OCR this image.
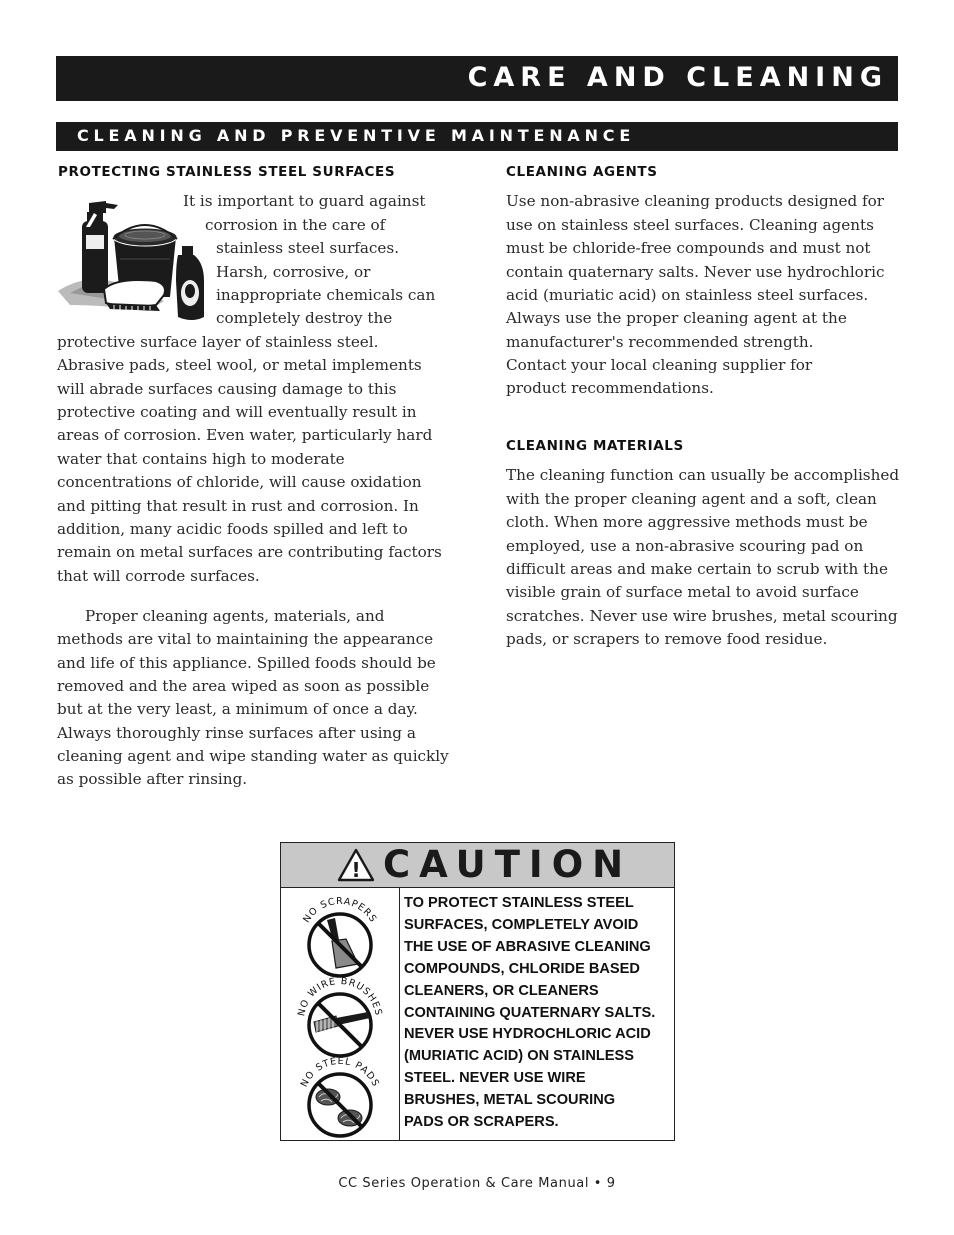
CARE AND CLEANING
CLEANING AND PREVENTIVE MAINTENANCE
PROTECTING STAINLESS STEEL SURFACES

It is important to guard against

corrosion in the care of

stainless steel surfaces.

Harsh, corrosive, or

inappropriate chemicals can

completely destroy the

protective surface layer of stainless steel.

Abrasive pads, steel wool, or metal implements

will abrade surfaces causing damage to this

protective coating and will eventually result in

areas of corrosion. Even water, particularly hard

water that contains high to moderate

concentrations of chloride, will cause oxidation

and pitting that result in rust and corrosion. In

addition, many acidic foods spilled and left to

remain on metal surfaces are contributing factors

that will corrode surfaces.

Proper cleaning agents, materials, and

methods are vital to maintaining the appearance

and life of this appliance. Spilled foods should be

removed and the area wiped as soon as possible

but at the very least, a minimum of once a day.

Always thoroughly rinse surfaces after using a

cleaning agent and wipe standing water as quickly

as possible after rinsing.

CLEANING AGENTS

Use non-abrasive cleaning products designed for

use on stainless steel surfaces. Cleaning agents

must be chloride-free compounds and must not

contain quaternary salts. Never use hydrochloric

acid (muriatic acid) on stainless steel surfaces.

Always use the proper cleaning agent at the

manufacturer's recommended strength.

Contact your local cleaning supplier for

product recommendations.

CLEANING MATERIALS

The cleaning function can usually be accomplished

with the proper cleaning agent and a soft, clean

cloth. When more aggressive methods must be

employed, use a non-abrasive scouring pad on

difficult areas and make certain to scrub with the

visible grain of surface metal to avoid surface

scratches. Never use wire brushes, metal scouring

pads, or scrapers to remove food residue.

! CAUTION
NO SCRAPERS
NO WIRE BRUSHES
NO STEEL PADS
TO PROTECT STAINLESS STEEL
SURFACES, COMPLETELY AVOID
THE USE OF ABRASIVE CLEANING
COMPOUNDS, CHLORIDE BASED
CLEANERS, OR CLEANERS
CONTAINING QUATERNARY SALTS.
NEVER USE HYDROCHLORIC ACID
(MURIATIC ACID) ON STAINLESS
STEEL. NEVER USE WIRE
BRUSHES, METAL SCOURING
PADS OR SCRAPERS.
CC Series Operation & Care Manual • 9
